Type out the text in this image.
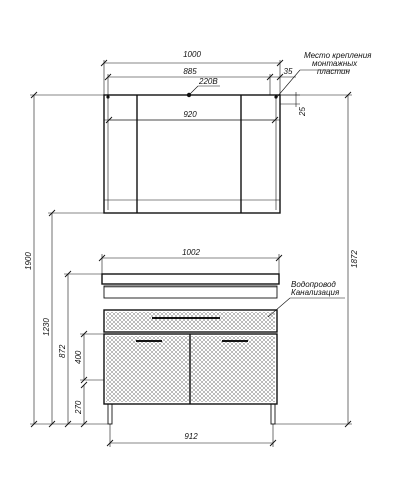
1000
885	35
220В
920	25
Место крепления
монтажных
пластин
1002
912
Водопровод
Канализация
1900
1230
872 400
270
1872
